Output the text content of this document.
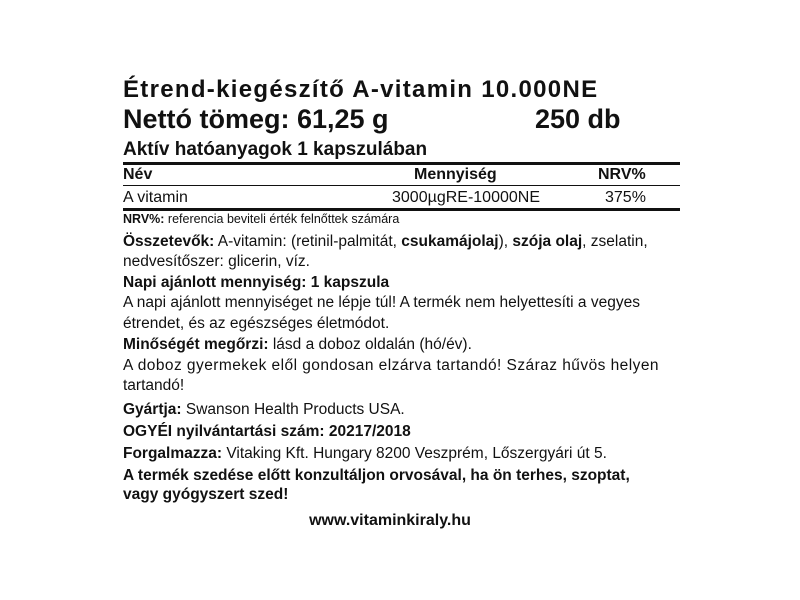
Étrend-kiegészítő A-vitamin 10.000NE
Nettó tömeg: 61,25 g	250 db
Aktív hatóanyagok 1 kapszulában
Név	Mennyiség	NRV%
A vitamin	3000µgRE-10000NE	375%
NRV%: referencia beviteli érték felnőttek számára
Összetevők: A-vitamin: (retinil-palmitát, csukamájolaj), szója olaj, zselatin,
nedvesítőszer: glicerin, víz.
Napi ajánlott mennyiség: 1 kapszula
A napi ajánlott mennyiséget ne lépje túl! A termék nem helyettesíti a vegyes
étrendet, és az egészséges életmódot.
Minőségét megőrzi: lásd a doboz oldalán (hó/év).
A doboz gyermekek elől gondosan elzárva tartandó! Száraz hűvös helyen
tartandó!
Gyártja: Swanson Health Products USA.
OGYÉI nyilvántartási szám: 20217/2018
Forgalmazza: Vitaking Kft. Hungary 8200 Veszprém, Lőszergyári út 5.
A termék szedése előtt konzultáljon orvosával, ha ön terhes, szoptat,
vagy gyógyszert szed!
www.vitaminkiraly.hu
